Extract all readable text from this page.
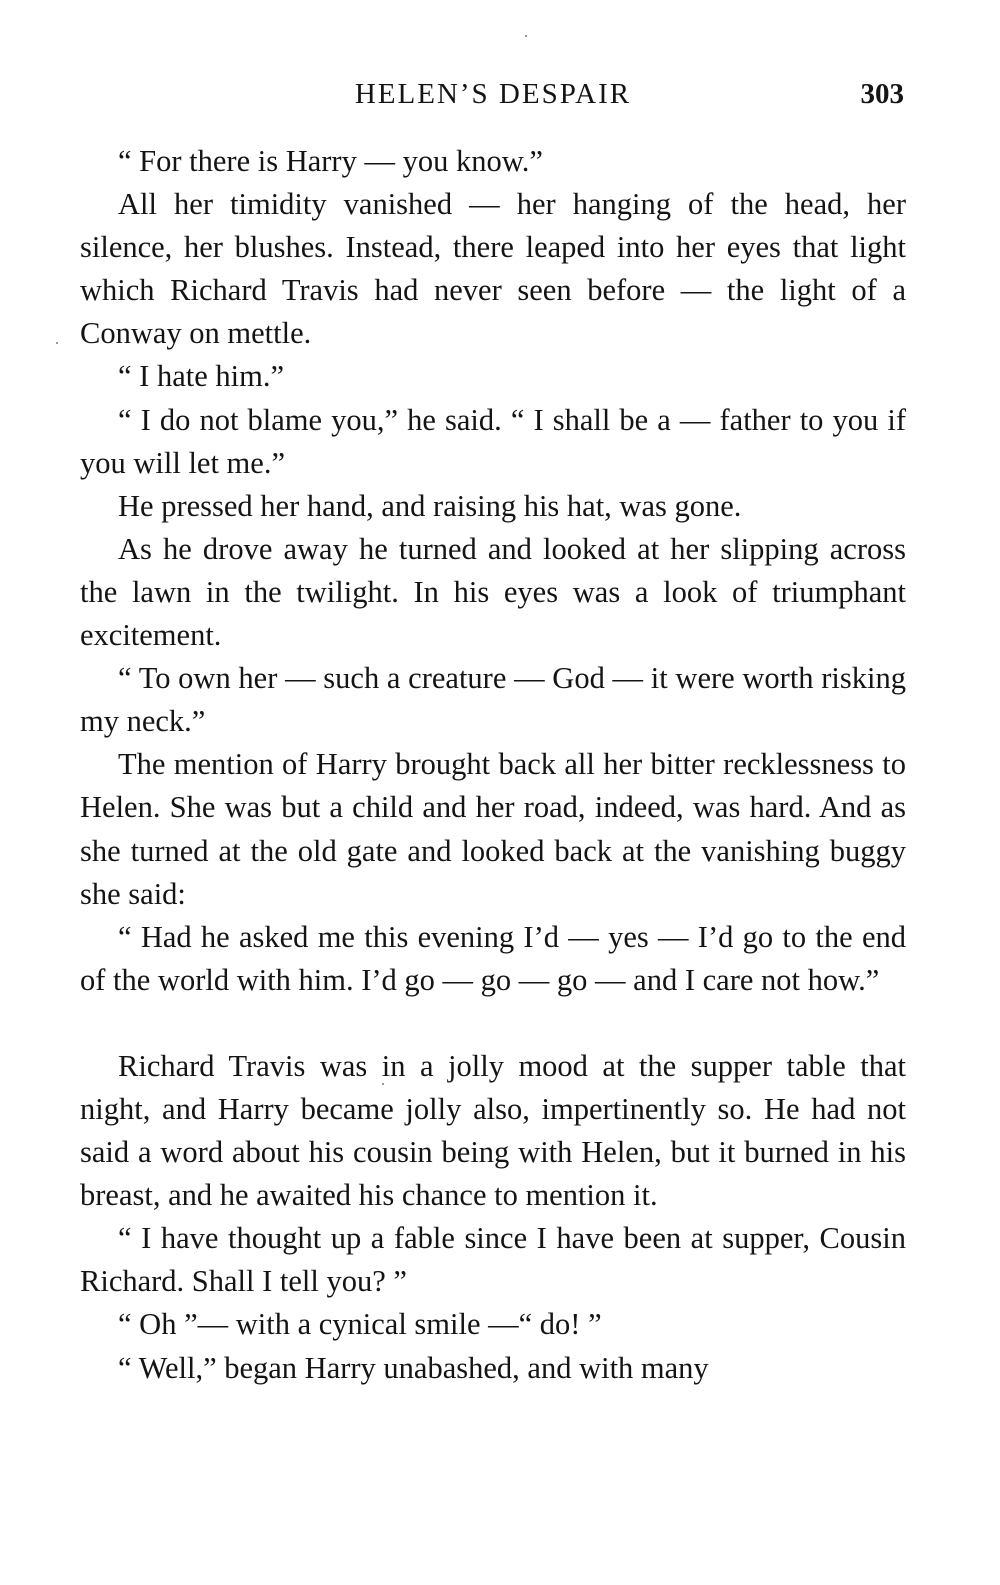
HELEN’S DESPAIR	303

“ For there is Harry — you know.”

All her timidity vanished — her hanging of the head, her silence, her blushes. Instead, there leaped into her eyes that light which Richard Travis had never seen before — the light of a Conway on mettle.

“ I hate him.”

“ I do not blame you,” he said. “ I shall be a — father to you if you will let me.”

He pressed her hand, and raising his hat, was gone.

As he drove away he turned and looked at her slipping across the lawn in the twilight. In his eyes was a look of triumphant excitement.

“ To own her — such a creature — God — it were worth risking my neck.”

The mention of Harry brought back all her bitter recklessness to Helen. She was but a child and her road, indeed, was hard. And as she turned at the old gate and looked back at the vanishing buggy she said:

“ Had he asked me this evening I’d — yes — I’d go to the end of the world with him. I’d go — go — go — and I care not how.”

Richard Travis was in a jolly mood at the supper table that night, and Harry became jolly also, impertinently so. He had not said a word about his cousin being with Helen, but it burned in his breast, and he awaited his chance to mention it.

“ I have thought up a fable since I have been at supper, Cousin Richard. Shall I tell you? ”

“ Oh ”— with a cynical smile —“ do! ”

“ Well,” began Harry unabashed, and with many
